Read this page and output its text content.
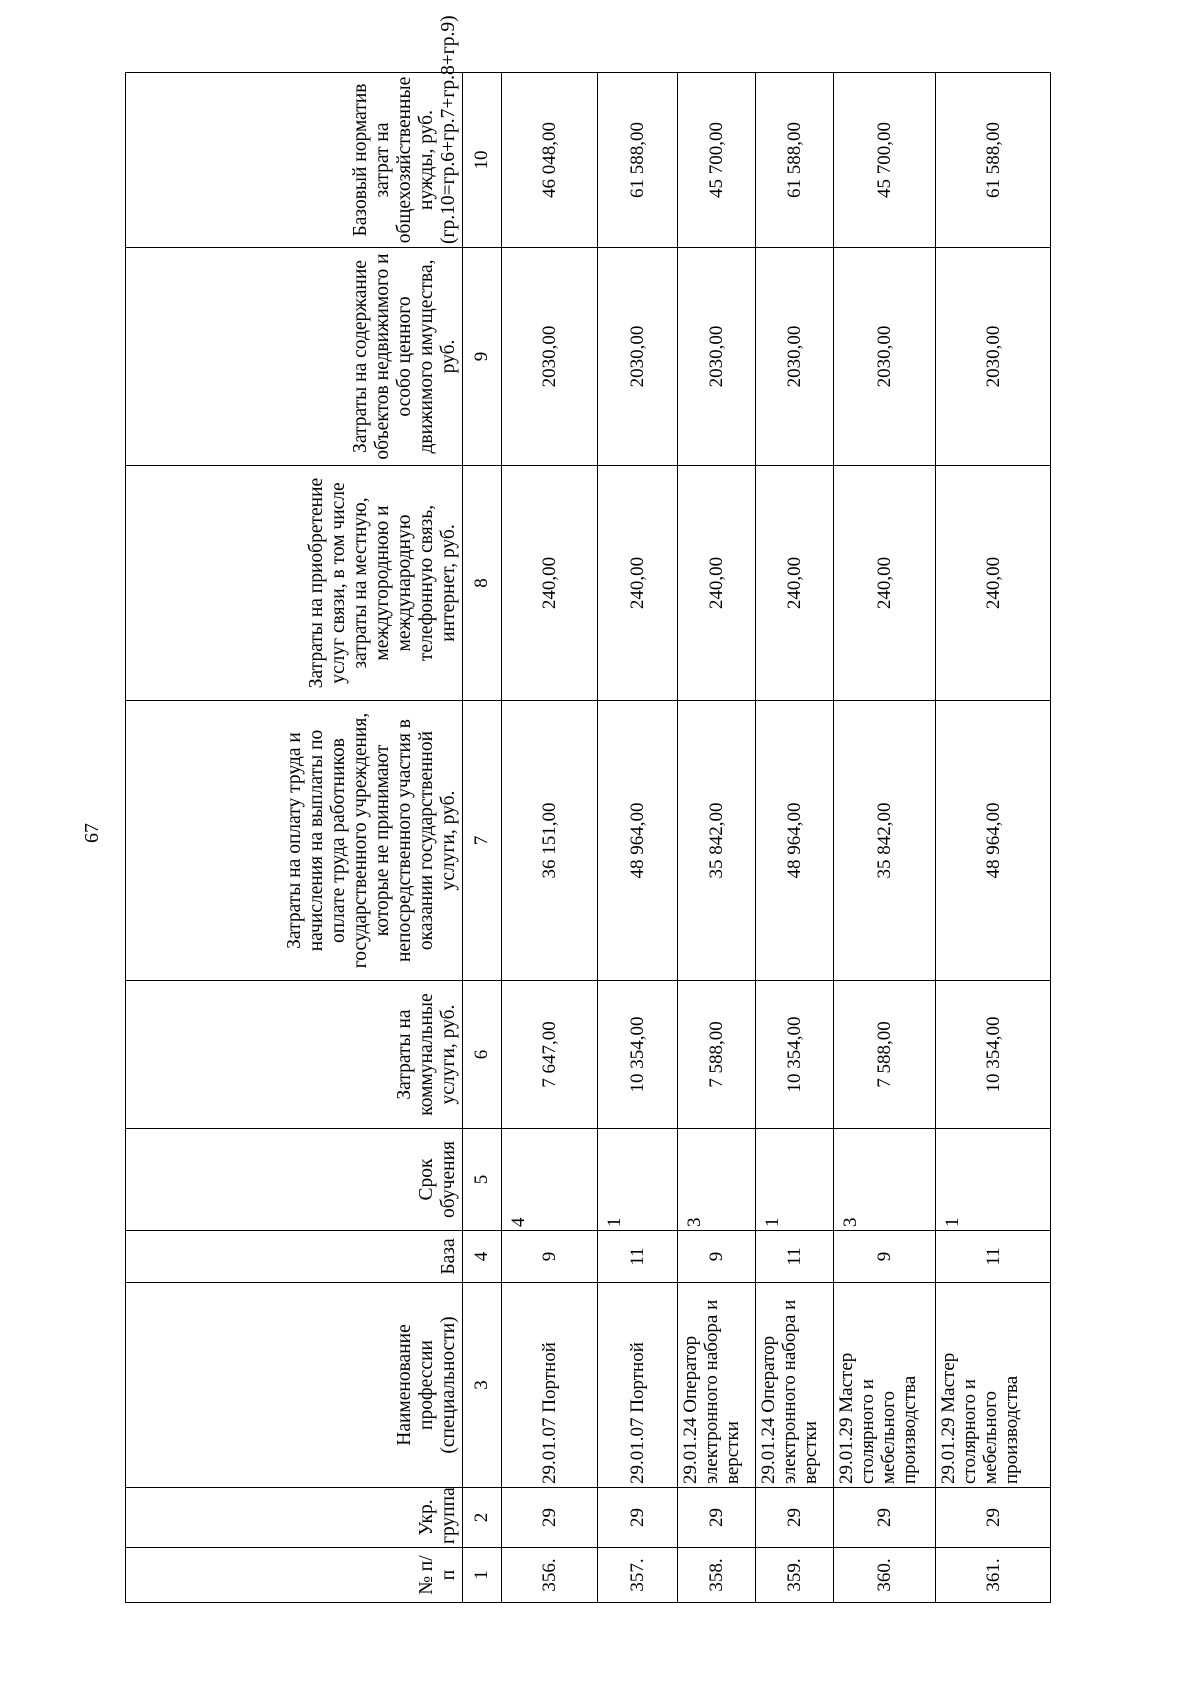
67
№ п/п	Укр. группа	Наименование профессии (специальности)	База	Срок обучения	Затраты на коммунальные услуги, руб.	Затраты на оплату труда и начисления на выплаты по оплате труда работников государственного учреждения, которые не принимают непосредственного участия в оказании государственной услуги, руб.	Затраты на приобретение услуг связи, в том числе затраты на местную, междугороднюю и международную телефонную связь, интернет, руб.	Затраты на содержание объектов недвижимого и особо ценного движимого имущества, руб.	Базовый норматив затрат на общехозяйственные нужды, руб. (гр.10=гр.6+гр.7+гр.8+гр.9)
1	2	3	4	5	6	7	8	9	10
356.	29	29.01.07 Портной	9	4	7 647,00	36 151,00	240,00	2030,00	46 048,00
357.	29	29.01.07 Портной	11	1	10 354,00	48 964,00	240,00	2030,00	61 588,00
358.	29	29.01.24 Оператор электронного набора и верстки	9	3	7 588,00	35 842,00	240,00	2030,00	45 700,00
359.	29	29.01.24 Оператор электронного набора и верстки	11	1	10 354,00	48 964,00	240,00	2030,00	61 588,00
360.	29	29.01.29 Мастер столярного и мебельного производства	9	3	7 588,00	35 842,00	240,00	2030,00	45 700,00
361.	29	29.01.29 Мастер столярного и мебельного производства	11	1	10 354,00	48 964,00	240,00	2030,00	61 588,00
